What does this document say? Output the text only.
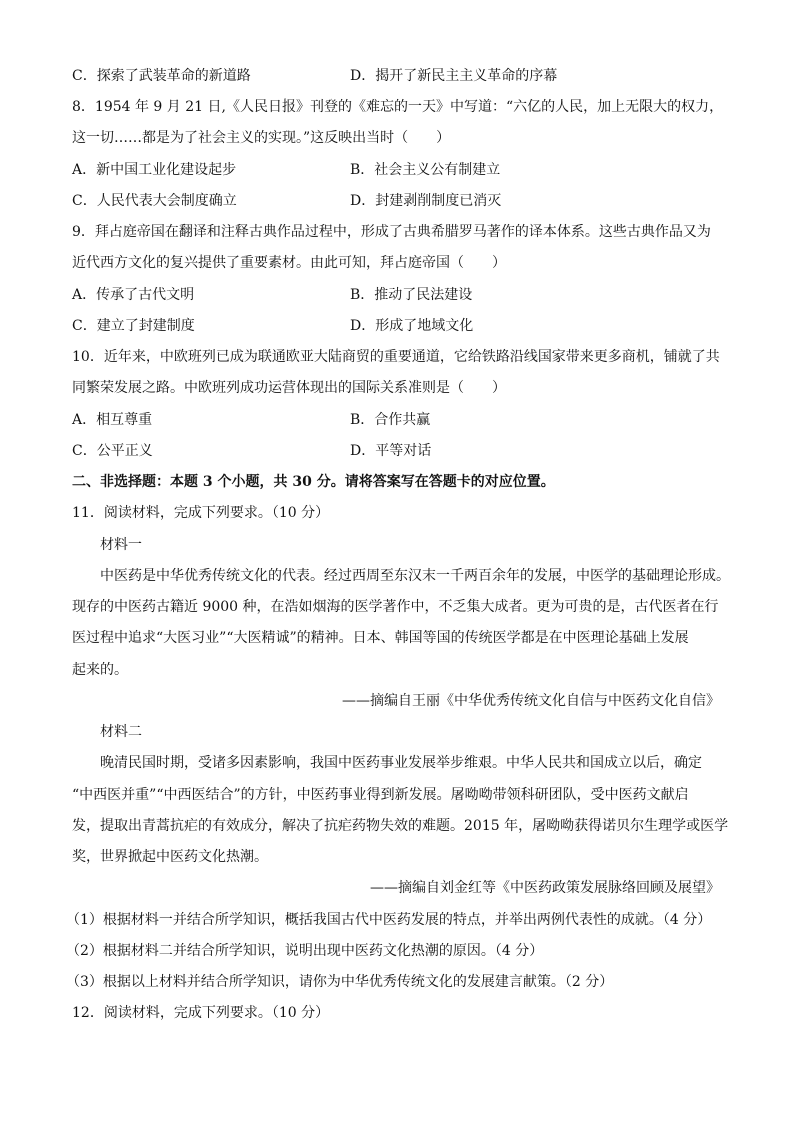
C．探索了武装革命的新道路	D．揭开了新民主主义革命的序幕
8．1954 年 9 月 21 日,《人民日报》刊登的《难忘的一天》中写道：“六亿的人民，加上无限大的权力，
这一切……都是为了社会主义的实现。”这反映出当时（　　）
A．新中国工业化建设起步	B．社会主义公有制建立
C．人民代表大会制度确立	D．封建剥削制度已消灭
9．拜占庭帝国在翻译和注释古典作品过程中，形成了古典希腊罗马著作的译本体系。这些古典作品又为
近代西方文化的复兴提供了重要素材。由此可知，拜占庭帝国（　　）
A．传承了古代文明	B．推动了民法建设
C．建立了封建制度	D．形成了地域文化
10．近年来，中欧班列已成为联通欧亚大陆商贸的重要通道，它给铁路沿线国家带来更多商机，铺就了共
同繁荣发展之路。中欧班列成功运营体现出的国际关系准则是（　　）
A．相互尊重	B．合作共赢
C．公平正义	D．平等对话
二、非选择题：本题 3 个小题，共 30 分。请将答案写在答题卡的对应位置。
11．阅读材料，完成下列要求。（10 分）
材料一
中医药是中华优秀传统文化的代表。经过西周至东汉末一千两百余年的发展，中医学的基础理论形成。
现存的中医药古籍近 9000 种，在浩如烟海的医学著作中，不乏集大成者。更为可贵的是，古代医者在行
医过程中追求“大医习业”“大医精诚”的精神。日本、韩国等国的传统医学都是在中医理论基础上发展
起来的。
——摘编自王丽《中华优秀传统文化自信与中医药文化自信》
材料二
晚清民国时期，受诸多因素影响，我国中医药事业发展举步维艰。中华人民共和国成立以后，确定
“中西医并重”“中西医结合”的方针，中医药事业得到新发展。屠呦呦带领科研团队，受中医药文献启
发，提取出青蒿抗疟的有效成分，解决了抗疟药物失效的难题。2015 年，屠呦呦获得诺贝尔生理学或医学
奖，世界掀起中医药文化热潮。
——摘编自刘金红等《中医药政策发展脉络回顾及展望》
（1）根据材料一并结合所学知识，概括我国古代中医药发展的特点，并举出两例代表性的成就。（4 分）
（2）根据材料二并结合所学知识，说明出现中医药文化热潮的原因。（4 分）
（3）根据以上材料并结合所学知识，请你为中华优秀传统文化的发展建言献策。（2 分）
12．阅读材料，完成下列要求。（10 分）
